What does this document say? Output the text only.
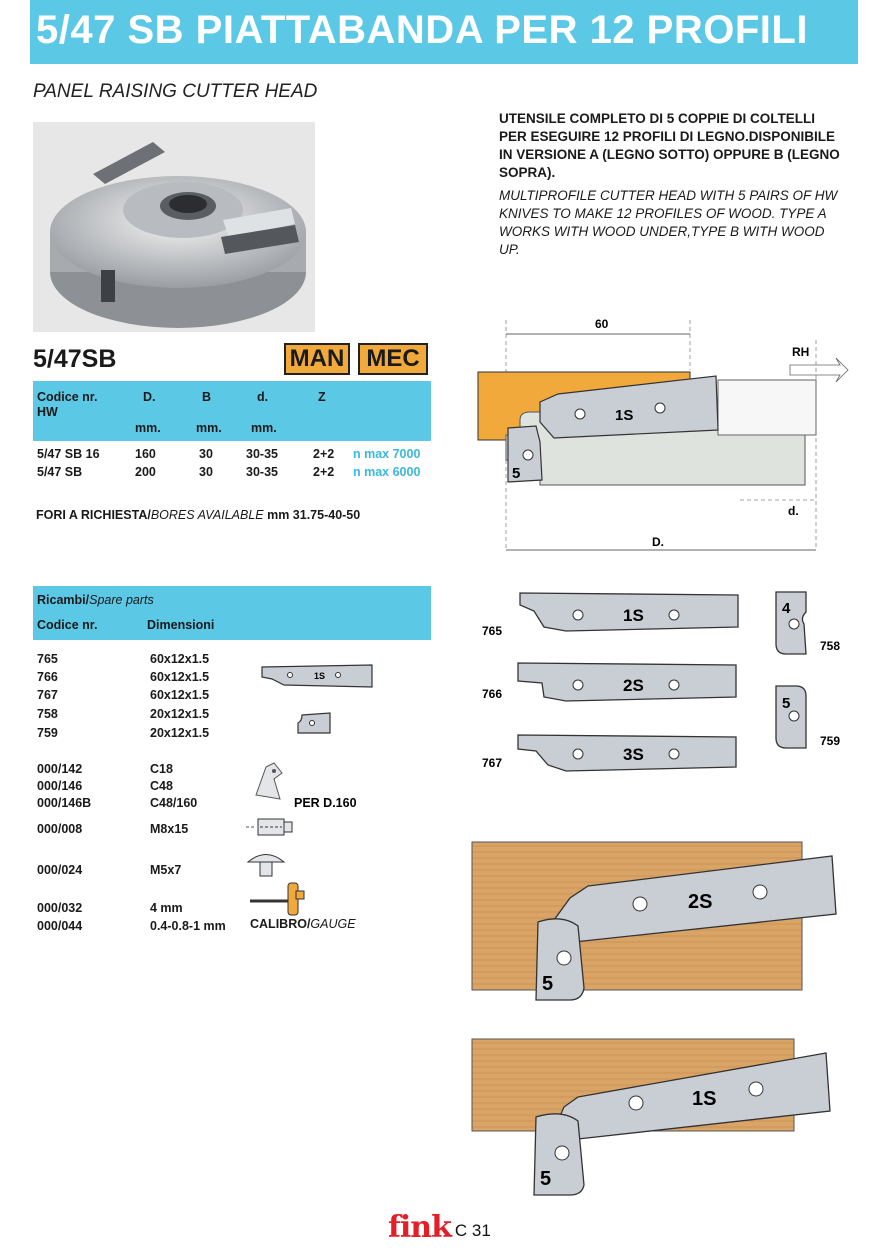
5/47 SB PIATTABANDA PER 12 PROFILI
PANEL RAISING CUTTER HEAD
UTENSILE COMPLETO DI 5 COPPIE DI COLTELLI PER ESEGUIRE 12 PROFILI DI LEGNO.DISPONIBILE IN VERSIONE A (LEGNO SOTTO) OPPURE B (LEGNO SOPRA).
MULTIPROFILE CUTTER HEAD WITH 5 PAIRS OF HW KNIVES TO MAKE 12 PROFILES OF WOOD. TYPE A WORKS WITH WOOD UNDER,TYPE B WITH WOOD UP.
5/47SB	MAN MEC
Codice nr.
HW
D.	B	d.	Z
mm.	mm. mm.
5/47 SB 16	160	30	30-35	2+2 n max 7000
5/47 SB	200	30	30-35	2+2 n max 6000
FORI A RICHIESTA/BORES AVAILABLE mm 31.75-40-50
Ricambi/Spare parts
Codice nr.	Dimensioni
765	60x12x1.5
766	60x12x1.5
767	60x12x1.5
758	20x12x1.5
759	20x12x1.5
000/142	C18
000/146	C48
000/146B	C48/160
000/008	M8x15
000/024	M5x7
000/032	4 mm
000/044	0.4-0.8-1 mm
1S
PER D.160
CALIBRO/GAUGE
60
1S
5
RH
d.
D.
765
1S
766	2S
767	3S
4
758
5
759
2S
5
1S
5
fink C 31
